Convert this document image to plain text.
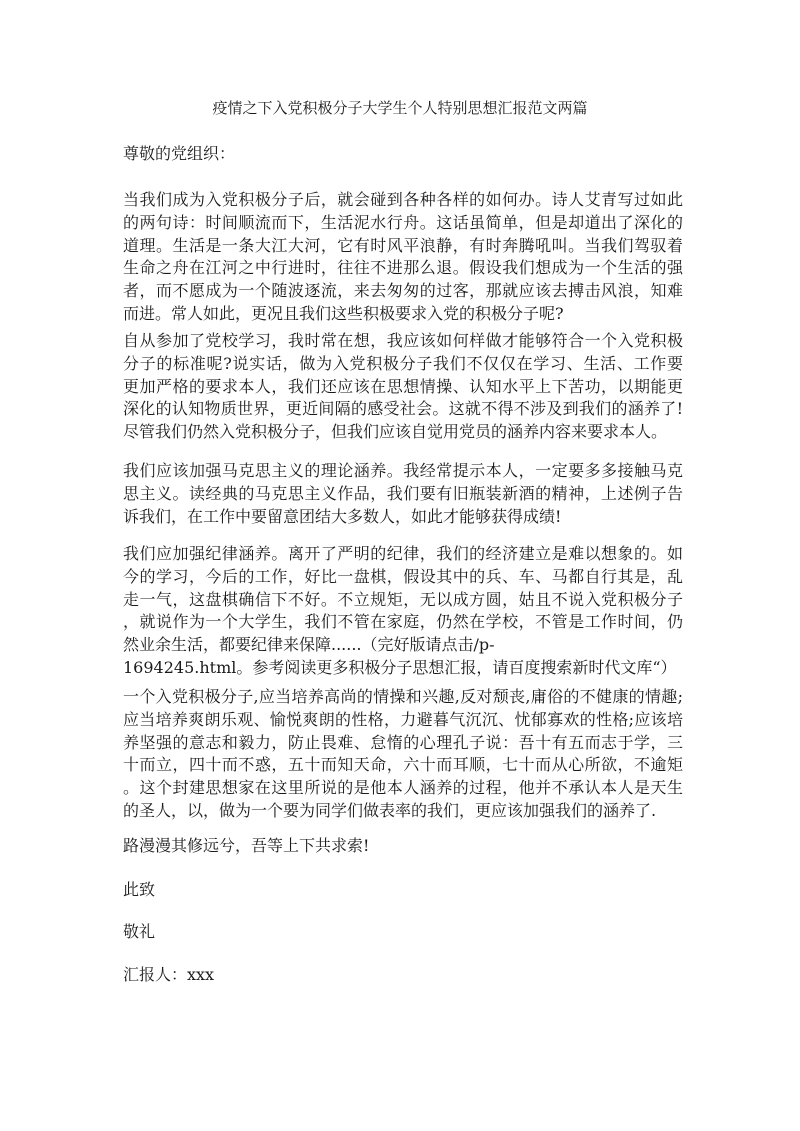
疫情之下入党积极分子大学生个人特别思想汇报范文两篇
尊敬的党组织：
当我们成为入党积极分子后，就会碰到各种各样的如何办。诗人艾青写过如此
的两句诗：时间顺流而下，生活泥水行舟。这话虽简单，但是却道出了深化的
道理。生活是一条大江大河，它有时风平浪静，有时奔腾吼叫。当我们驾驭着
生命之舟在江河之中行进时，往往不进那么退。假设我们想成为一个生活的强
者，而不愿成为一个随波逐流，来去匆匆的过客，那就应该去搏击风浪，知难
而进。常人如此，更况且我们这些积极要求入党的积极分子呢?
自从参加了党校学习，我时常在想，我应该如何样做才能够符合一个入党积极
分子的标准呢?说实话，做为入党积极分子我们不仅仅在学习、生活、工作要
更加严格的要求本人，我们还应该在思想情操、认知水平上下苦功，以期能更
深化的认知物质世界，更近间隔的感受社会。这就不得不涉及到我们的涵养了!
尽管我们仍然入党积极分子，但我们应该自觉用党员的涵养内容来要求本人。
我们应该加强马克思主义的理论涵养。我经常提示本人，一定要多多接触马克
思主义。读经典的马克思主义作品，我们要有旧瓶装新酒的精神，上述例子告
诉我们，在工作中要留意团结大多数人，如此才能够获得成绩!
我们应加强纪律涵养。离开了严明的纪律，我们的经济建立是难以想象的。如
今的学习，今后的工作，好比一盘棋，假设其中的兵、车、马都自行其是，乱
走一气，这盘棋确信下不好。不立规矩，无以成方圆，姑且不说入党积极分子
，就说作为一个大学生，我们不管在家庭，仍然在学校，不管是工作时间，仍
然业余生活，都要纪律来保障......（完好版请点击/p-
1694245.html。参考阅读更多积极分子思想汇报，请百度搜索新时代文库“）
一个入党积极分子,应当培养高尚的情操和兴趣,反对颓丧,庸俗的不健康的情趣;
应当培养爽朗乐观、愉悦爽朗的性格，力避暮气沉沉、忧郁寡欢的性格;应该培
养坚强的意志和毅力，防止畏难、怠惰的心理孔子说：吾十有五而志于学，三
十而立，四十而不惑，五十而知天命，六十而耳顺，七十而从心所欲，不逾矩
。这个封建思想家在这里所说的是他本人涵养的过程，他并不承认本人是天生
的圣人，以，做为一个要为同学们做表率的我们，更应该加强我们的涵养了.
路漫漫其修远兮，吾等上下共求索!
此致
敬礼
汇报人：xxx
